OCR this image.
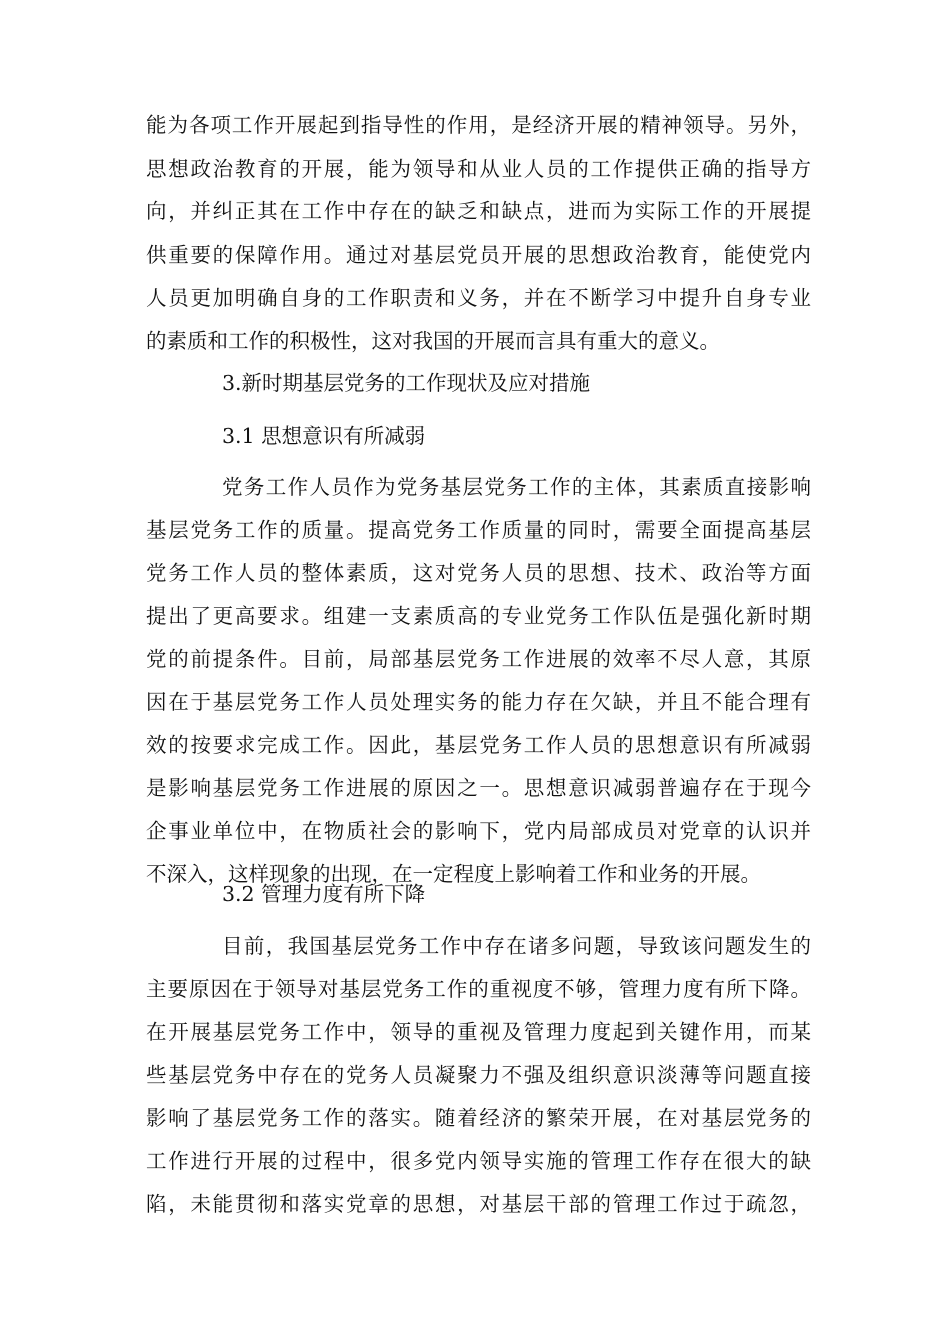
能为各项工作开展起到指导性的作用，是经济开展的精神领导。另外，
思想政治教育的开展，能为领导和从业人员的工作提供正确的指导方
向，并纠正其在工作中存在的缺乏和缺点，进而为实际工作的开展提
供重要的保障作用。通过对基层党员开展的思想政治教育，能使党内
人员更加明确自身的工作职责和义务，并在不断学习中提升自身专业
的素质和工作的积极性，这对我国的开展而言具有重大的意义。
3.新时期基层党务的工作现状及应对措施
3.1 思想意识有所减弱
党务工作人员作为党务基层党务工作的主体，其素质直接影响
基层党务工作的质量。提高党务工作质量的同时，需要全面提高基层
党务工作人员的整体素质，这对党务人员的思想、技术、政治等方面
提出了更高要求。组建一支素质高的专业党务工作队伍是强化新时期
党的前提条件。目前，局部基层党务工作进展的效率不尽人意，其原
因在于基层党务工作人员处理实务的能力存在欠缺，并且不能合理有
效的按要求完成工作。因此，基层党务工作人员的思想意识有所减弱
是影响基层党务工作进展的原因之一。思想意识减弱普遍存在于现今
企事业单位中，在物质社会的影响下，党内局部成员对党章的认识并
不深入，这样现象的出现，在一定程度上影响着工作和业务的开展。
3.2 管理力度有所下降
目前，我国基层党务工作中存在诸多问题，导致该问题发生的
主要原因在于领导对基层党务工作的重视度不够，管理力度有所下降。
在开展基层党务工作中，领导的重视及管理力度起到关键作用，而某
些基层党务中存在的党务人员凝聚力不强及组织意识淡薄等问题直接
影响了基层党务工作的落实。随着经济的繁荣开展，在对基层党务的
工作进行开展的过程中，很多党内领导实施的管理工作存在很大的缺
陷，未能贯彻和落实党章的思想，对基层干部的管理工作过于疏忽，
